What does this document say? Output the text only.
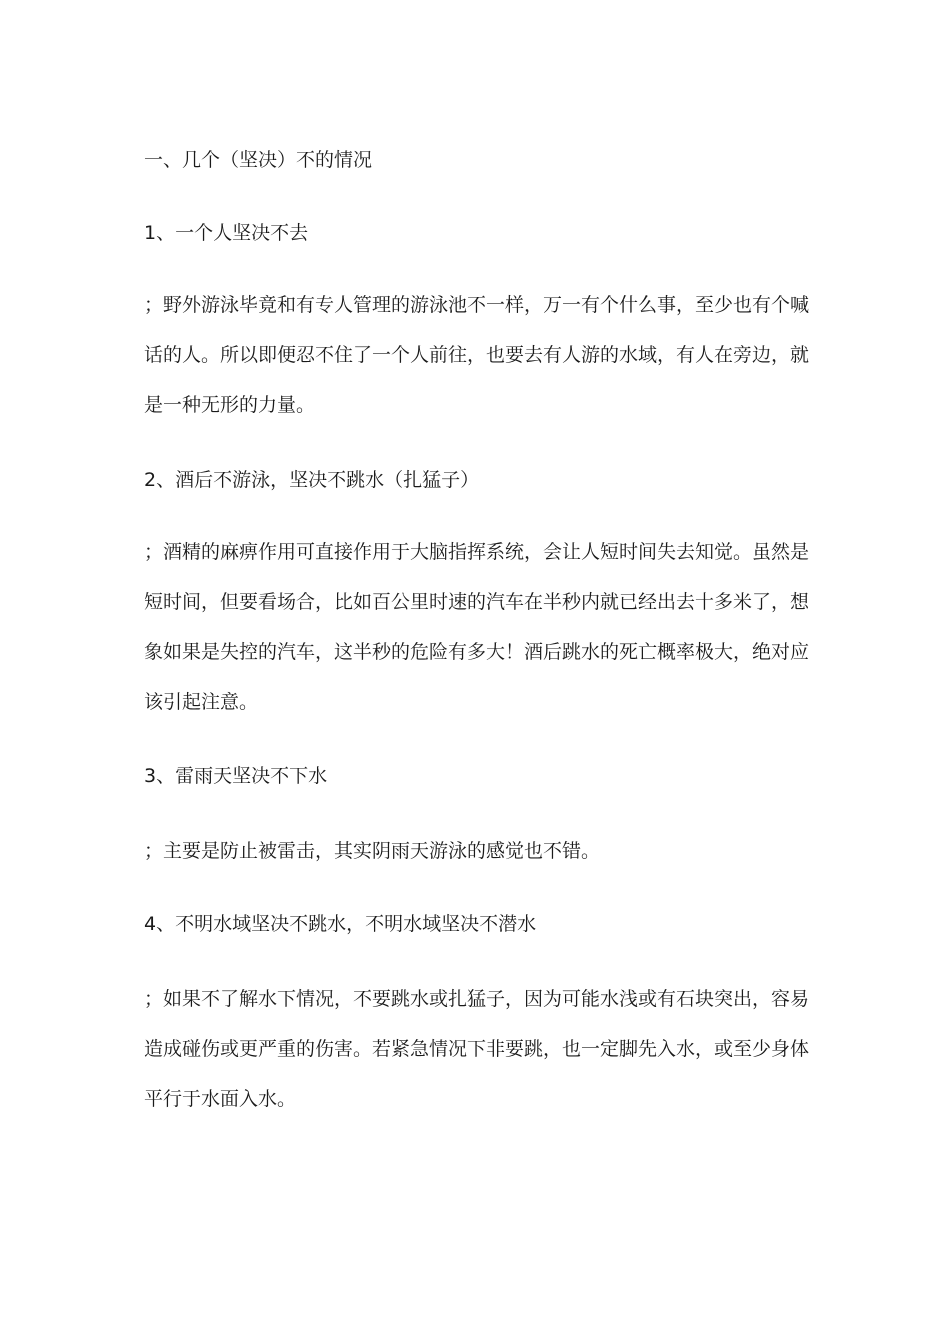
一、几个（坚决）不的情况
1、一个人坚决不去
；野外游泳毕竟和有专人管理的游泳池不一样，万一有个什么事，至少也有个喊
话的人。所以即便忍不住了一个人前往，也要去有人游的水域，有人在旁边，就
是一种无形的力量。
2、酒后不游泳，坚决不跳水（扎猛子）
；酒精的麻痹作用可直接作用于大脑指挥系统，会让人短时间失去知觉。虽然是
短时间，但要看场合，比如百公里时速的汽车在半秒内就已经出去十多米了，想
象如果是失控的汽车，这半秒的危险有多大！酒后跳水的死亡概率极大，绝对应
该引起注意。
3、雷雨天坚决不下水
；主要是防止被雷击，其实阴雨天游泳的感觉也不错。
4、不明水域坚决不跳水，不明水域坚决不潜水
；如果不了解水下情况，不要跳水或扎猛子，因为可能水浅或有石块突出，容易
造成碰伤或更严重的伤害。若紧急情况下非要跳，也一定脚先入水，或至少身体
平行于水面入水。
